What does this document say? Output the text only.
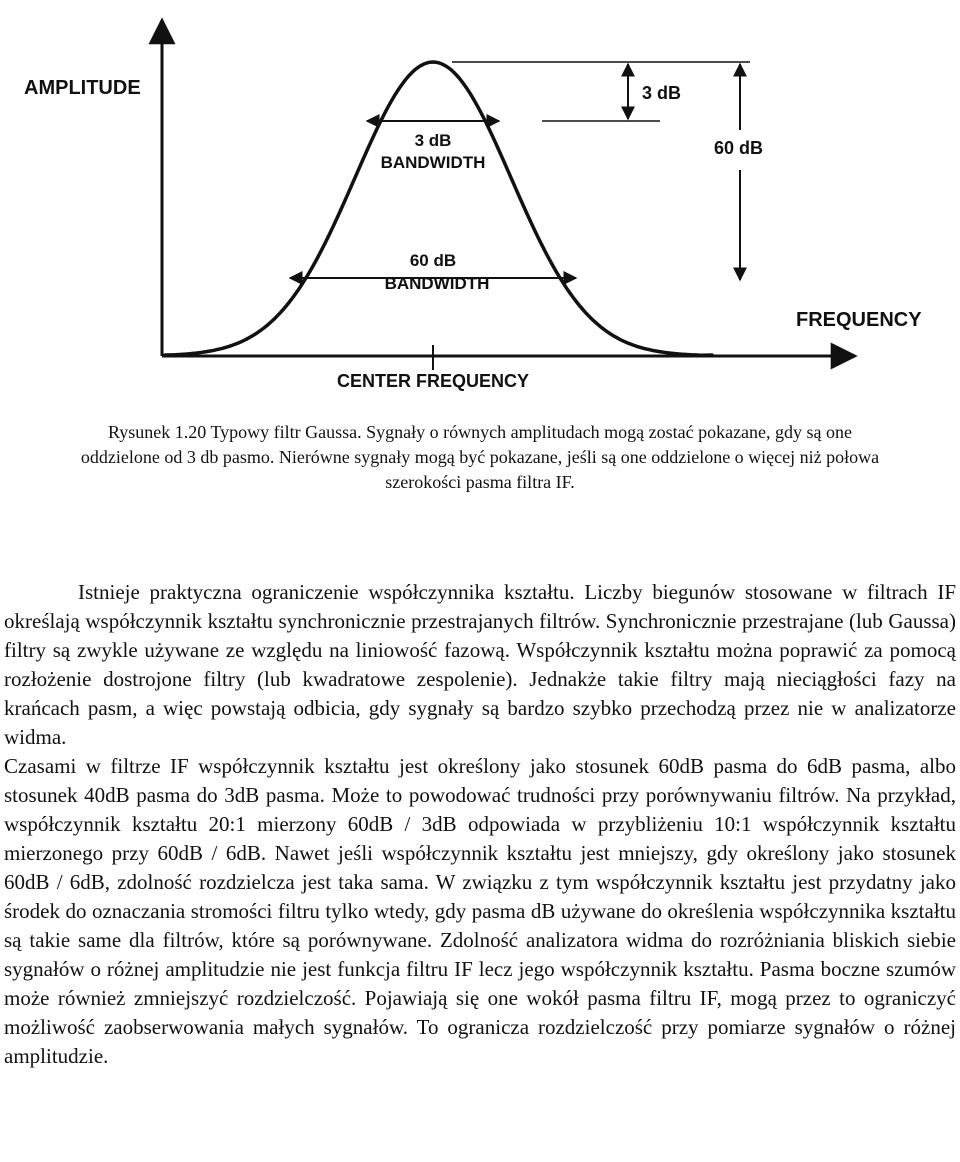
3 dB
60 dB
3 dB
BANDWIDTH
60 dB
BANDWIDTH
AMPLITUDE
FREQUENCY
CENTER FREQUENCY
Rysunek 1.20 Typowy filtr Gaussa. Sygnały o równych amplitudach mogą zostać pokazane, gdy są one
oddzielone od 3 db pasmo. Nierówne sygnały mogą być pokazane, jeśli są one oddzielone o więcej niż połowa
szerokości pasma filtra IF.

Istnieje praktyczna ograniczenie współczynnika kształtu. Liczby biegunów stosowane w filtrach IF określają współczynnik kształtu synchronicznie przestrajanych filtrów. Synchronicznie przestrajane (lub Gaussa) filtry są zwykle używane ze względu na liniowość fazową. Współczynnik kształtu można poprawić za pomocą rozłożenie dostrojone filtry (lub kwadratowe zespolenie). Jednakże takie filtry mają nieciągłości fazy na krańcach pasm, a więc powstają odbicia, gdy sygnały są bardzo szybko przechodzą przez nie w analizatorze widma.

Czasami w filtrze IF współczynnik kształtu jest określony jako stosunek 60dB pasma do 6dB pasma, albo stosunek 40dB pasma do 3dB pasma. Może to powodować trudności przy porównywaniu filtrów. Na przykład, współczynnik kształtu 20:1 mierzony 60dB / 3dB odpowiada w przybliżeniu 10:1 współczynnik kształtu mierzonego przy 60dB / 6dB. Nawet jeśli współczynnik kształtu jest mniejszy, gdy określony jako stosunek 60dB / 6dB, zdolność rozdzielcza jest taka sama. W związku z tym współczynnik kształtu jest przydatny jako środek do oznaczania stromości filtru tylko wtedy, gdy pasma dB używane do określenia współczynnika kształtu są takie same dla filtrów, które są porównywane. Zdolność analizatora widma do rozróżniania bliskich siebie sygnałów o różnej amplitudzie nie jest funkcja filtru IF lecz jego współczynnik kształtu. Pasma boczne szumów może również zmniejszyć rozdzielczość. Pojawiają się one wokół pasma filtru IF, mogą przez to ograniczyć możliwość zaobserwowania małych sygnałów. To ogranicza rozdzielczość przy pomiarze sygnałów o różnej amplitudzie.
